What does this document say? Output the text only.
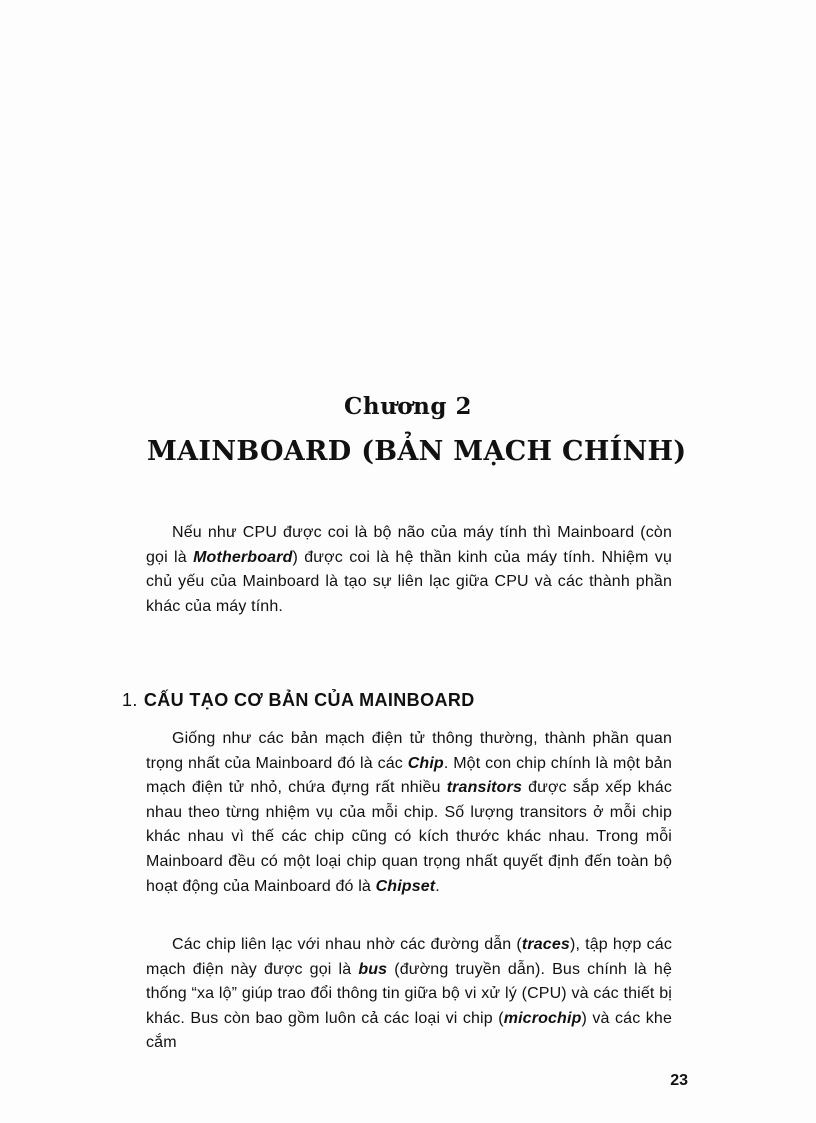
Chương 2
MAINBOARD (BẢN MẠCH CHÍNH)
Nếu như CPU được coi là bộ não của máy tính thì Mainboard (còn gọi là Motherboard) được coi là hệ thần kinh của máy tính. Nhiệm vụ chủ yếu của Mainboard là tạo sự liên lạc giữa CPU và các thành phần khác của máy tính.
1. CẤU TẠO CƠ BẢN CỦA MAINBOARD
Giống như các bản mạch điện tử thông thường, thành phần quan trọng nhất của Mainboard đó là các Chip. Một con chip chính là một bản mạch điện tử nhỏ, chứa đựng rất nhiều transitors được sắp xếp khác nhau theo từng nhiệm vụ của mỗi chip. Số lượng transitors ở mỗi chip khác nhau vì thế các chip cũng có kích thước khác nhau. Trong mỗi Mainboard đều có một loại chip quan trọng nhất quyết định đến toàn bộ hoạt động của Mainboard đó là Chipset.
Các chip liên lạc với nhau nhờ các đường dẫn (traces), tập hợp các mạch điện này được gọi là bus (đường truyền dẫn). Bus chính là hệ thống “xa lộ” giúp trao đổi thông tin giữa bộ vi xử lý (CPU) và các thiết bị khác. Bus còn bao gồm luôn cả các loại vi chip (microchip) và các khe cắm
23
